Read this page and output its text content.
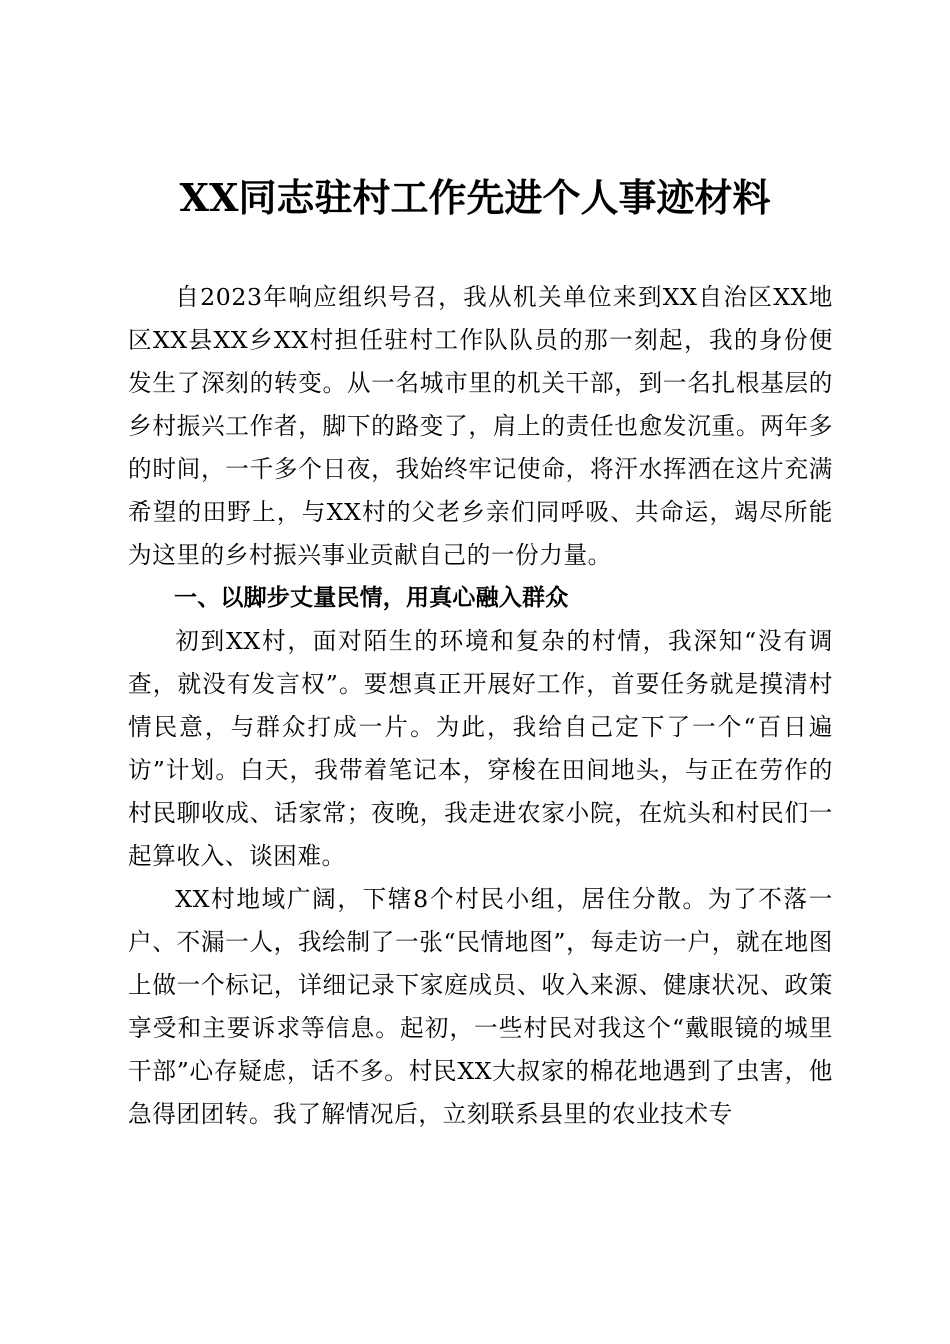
XX同志驻村工作先进个人事迹材料

自2023年响应组织号召，我从机关单位来到XX自治区XX地区XX县XX乡XX村担任驻村工作队队员的那一刻起，我的身份便发生了深刻的转变。从一名城市里的机关干部，到一名扎根基层的乡村振兴工作者，脚下的路变了，肩上的责任也愈发沉重。两年多的时间，一千多个日夜，我始终牢记使命，将汗水挥洒在这片充满希望的田野上，与XX村的父老乡亲们同呼吸、共命运，竭尽所能为这里的乡村振兴事业贡献自己的一份力量。

一、以脚步丈量民情，用真心融入群众

初到XX村，面对陌生的环境和复杂的村情，我深知“没有调查，就没有发言权”。要想真正开展好工作，首要任务就是摸清村情民意，与群众打成一片。为此，我给自己定下了一个“百日遍访”计划。白天，我带着笔记本，穿梭在田间地头，与正在劳作的村民聊收成、话家常；夜晚，我走进农家小院，在炕头和村民们一起算收入、谈困难。

XX村地域广阔，下辖8个村民小组，居住分散。为了不落一户、不漏一人，我绘制了一张“民情地图”，每走访一户，就在地图上做一个标记，详细记录下家庭成员、收入来源、健康状况、政策享受和主要诉求等信息。起初，一些村民对我这个“戴眼镜的城里干部”心存疑虑，话不多。村民XX大叔家的棉花地遇到了虫害，他急得团团转。我了解情况后，立刻联系县里的农业技术专
